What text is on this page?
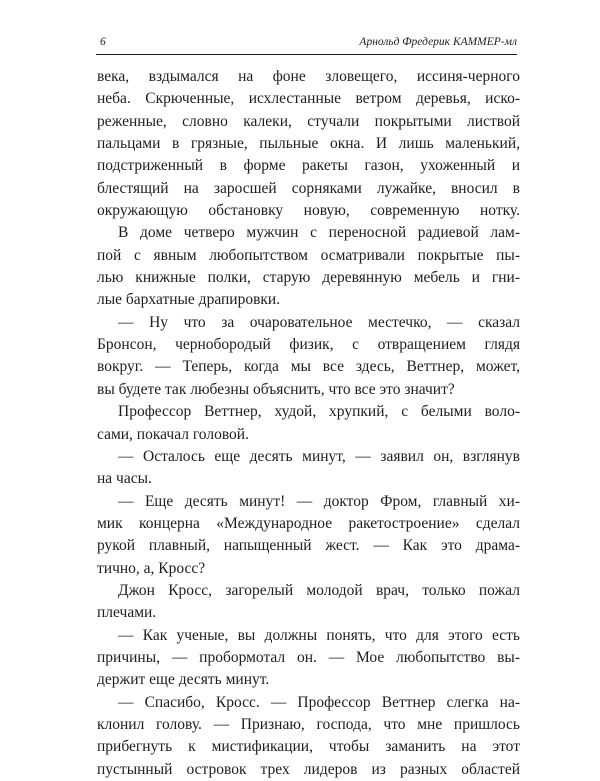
6	Арнольд Фредерик КАММЕР-мл
века, вздымался на фоне зловещего, иссиня-черного
неба. Скрюченные, исхлестанные ветром деревья, иско-
реженные, словно калеки, стучали покрытыми листвой
пальцами в грязные, пыльные окна. И лишь маленький,
подстриженный в форме ракеты газон, ухоженный и
блестящий на заросшей сорняками лужайке, вносил в
окружающую обстановку новую, современную нотку.
В доме четверо мужчин с переносной радиевой лам-
пой с явным любопытством осматривали покрытые пы-
лью книжные полки, старую деревянную мебель и гни-
лые бархатные драпировки.
— Ну что за очаровательное местечко, — сказал
Бронсон, чернобородый физик, с отвращением глядя
вокруг. — Теперь, когда мы все здесь, Веттнер, может,
вы будете так любезны объяснить, что все это значит?
Профессор Веттнер, худой, хрупкий, с белыми воло-
сами, покачал головой.
— Осталось еще десять минут, — заявил он, взглянув
на часы.
— Еще десять минут! — доктор Фром, главный хи-
мик концерна «Международное ракетостроение» сделал
рукой плавный, напыщенный жест. — Как это драма-
тично, а, Кросс?
Джон Кросс, загорелый молодой врач, только пожал
плечами.
— Как ученые, вы должны понять, что для этого есть
причины, — пробормотал он. — Мое любопытство вы-
держит еще десять минут.
— Спасибо, Кросс. — Профессор Веттнер слегка на-
клонил голову. — Признаю, господа, что мне пришлось
прибегнуть к мистификации, чтобы заманить на этот
пустынный островок трех лидеров из разных областей
